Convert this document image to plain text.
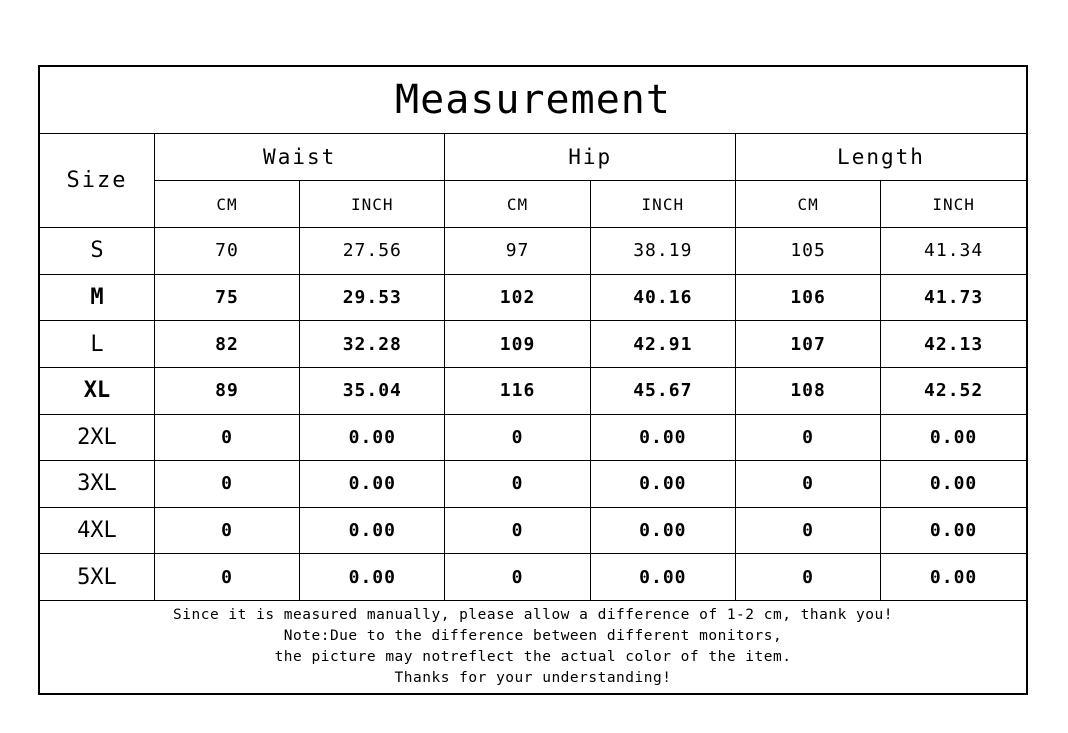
Measurement						
Size	Waist		Hip		Length	
	CM	INCH	CM	INCH	CM	INCH
S	70	27.56	97	38.19	105	41.34
M	75	29.53	102	40.16	106	41.73
L	82	32.28	109	42.91	107	42.13
XL	89	35.04	116	45.67	108	42.52
2XL	0	0.00	0	0.00	0	0.00
3XL	0	0.00	0	0.00	0	0.00
4XL	0	0.00	0	0.00	0	0.00
5XL	0	0.00	0	0.00	0	0.00

Since it is measured manually, please allow a difference of 1-2 cm, thank you!
Note:Due to the difference between different monitors,
the picture may notreflect the actual color of the item.
Thanks for your understanding!						
